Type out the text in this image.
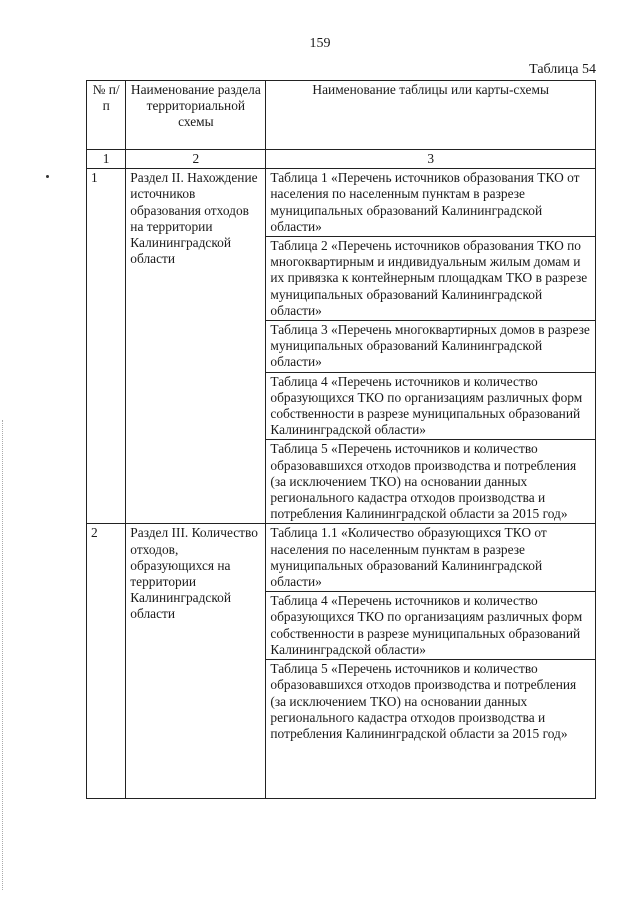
159
Таблица 54
№ п/п	Наименование раздела территориальной схемы	Наименование таблицы или карты-схемы
1	2	3
1	Раздел II. Нахождение источников образования отходов на территории Калининградской области	Таблица 1 «Перечень источников образования ТКО от населения по населенным пунктам в разрезе муниципальных образований Калининградской области»
		Таблица 2 «Перечень источников образования ТКО по многоквартирным и индивидуальным жилым домам и их привязка к контейнерным площадкам ТКО в разрезе муниципальных образований Калининградской области»
		Таблица 3 «Перечень многоквартирных домов в разрезе муниципальных образований Калининградской области»
		Таблица 4 «Перечень источников и количество образующихся ТКО по организациям различных форм собственности в разрезе муниципальных образований Калининградской области»
		Таблица 5 «Перечень источников и количество образовавшихся отходов производства и потребления (за исключением ТКО) на основании данных регионального кадастра отходов производства и потребления Калининградской области за 2015 год»
2	Раздел III. Количество отходов, образующихся на территории Калининградской области	Таблица 1.1 «Количество образующихся ТКО от населения по населенным пунктам в разрезе муниципальных образований Калининградской области»
		Таблица 4 «Перечень источников и количество образующихся ТКО по организациям различных форм собственности в разрезе муниципальных образований Калининградской области»
		Таблица 5 «Перечень источников и количество образовавшихся отходов производства и потребления (за исключением ТКО) на основании данных регионального кадастра отходов производства и потребления Калининградской области за 2015 год»
